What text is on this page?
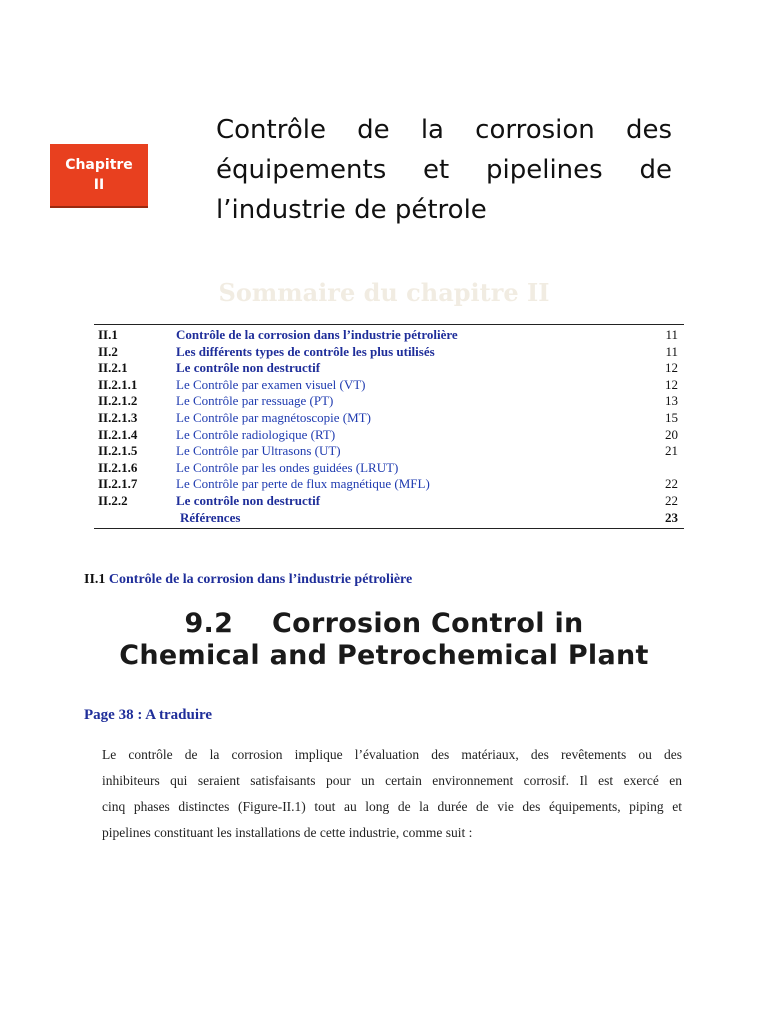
Chapitre
II
Contrôle de la corrosion des
équipements et pipelines de
l’industrie de pétrole
Sommaire du chapitre II
II.1	Contrôle de la corrosion dans l’industrie pétrolière	11
II.2	Les différents types de contrôle les plus utilisés	11
II.2.1	Le contrôle non destructif	12
II.2.1.1	Le Contrôle par examen visuel (VT)	12
II.2.1.2	Le Contrôle par ressuage (PT)	13
II.2.1.3	Le Contrôle par magnétoscopie (MT)	15
II.2.1.4	Le Contrôle radiologique (RT)	20
II.2.1.5	Le Contrôle par Ultrasons (UT)	21
II.2.1.6	Le Contrôle par les ondes guidées (LRUT)
II.2.1.7	Le Contrôle par perte de flux magnétique (MFL)	22
II.2.2	Le contrôle non destructif	22
Références	23
II.1 Contrôle de la corrosion dans l’industrie pétrolière
9.2    Corrosion Control in
Chemical and Petrochemical Plant
Page 38 : A traduire
Le contrôle de la corrosion implique l’évaluation des matériaux, des revêtements ou des
inhibiteurs qui seraient satisfaisants pour un certain environnement corrosif. Il est exercé en
cinq phases distinctes (Figure-II.1) tout au long de la durée de vie des équipements, piping et
pipelines constituant les installations de cette industrie, comme suit :
